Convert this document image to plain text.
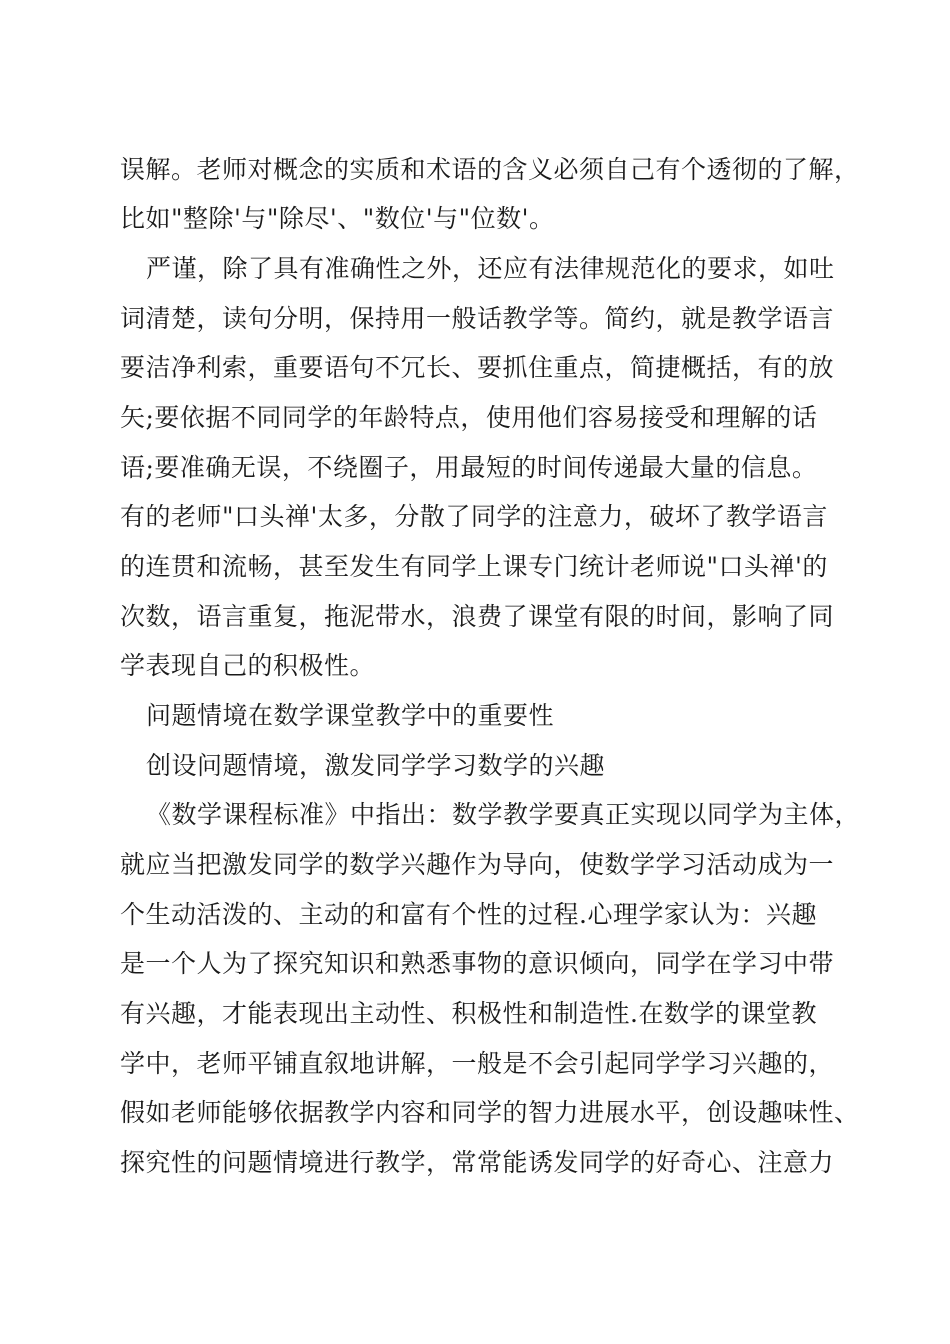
误解。老师对概念的实质和术语的含义必须自己有个透彻的了解，
比如"整除'与"除尽'、"数位'与"位数'。
严谨，除了具有准确性之外，还应有法律规范化的要求，如吐
词清楚，读句分明，保持用一般话教学等。简约，就是教学语言
要洁净利索，重要语句不冗长、要抓住重点，简捷概括，有的放
矢;要依据不同同学的年龄特点，使用他们容易接受和理解的话
语;要准确无误，不绕圈子，用最短的时间传递最大量的信息。
有的老师"口头禅'太多，分散了同学的注意力，破坏了教学语言
的连贯和流畅，甚至发生有同学上课专门统计老师说"口头禅'的
次数，语言重复，拖泥带水，浪费了课堂有限的时间，影响了同
学表现自己的积极性。
问题情境在数学课堂教学中的重要性
创设问题情境，激发同学学习数学的兴趣
《数学课程标准》中指出：数学教学要真正实现以同学为主体，
就应当把激发同学的数学兴趣作为导向，使数学学习活动成为一
个生动活泼的、主动的和富有个性的过程.心理学家认为：兴趣
是一个人为了探究知识和熟悉事物的意识倾向，同学在学习中带
有兴趣，才能表现出主动性、积极性和制造性.在数学的课堂教
学中，老师平铺直叙地讲解，一般是不会引起同学学习兴趣的，
假如老师能够依据教学内容和同学的智力进展水平，创设趣味性、
探究性的问题情境进行教学，常常能诱发同学的好奇心、注意力
